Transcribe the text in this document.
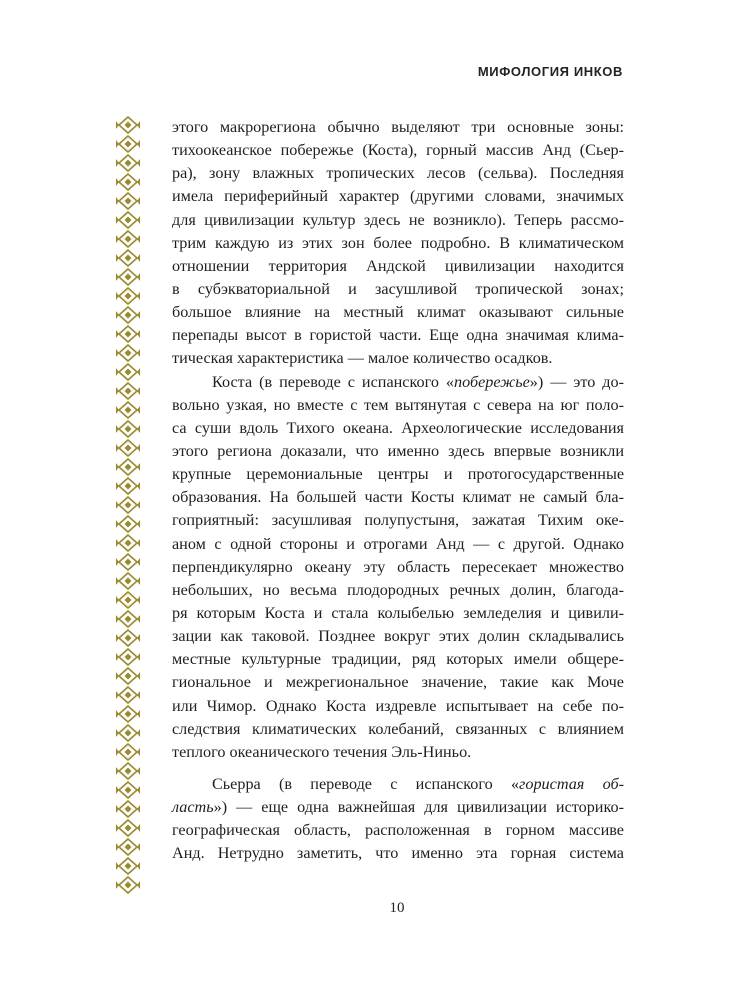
МИФОЛОГИЯ ИНКОВ
этого макрорегиона обычно выделяют три основные зоны:
тихоокеанское побережье (Коста), горный массив Анд (Сьер-
ра), зону влажных тропических лесов (сельва). Последняя
имела периферийный характер (другими словами, значимых
для цивилизации культур здесь не возникло). Теперь рассмо-
трим каждую из этих зон более подробно. В климатическом
отношении территория Андской цивилизации находится
в субэкваториальной и засушливой тропической зонах;
большое влияние на местный климат оказывают сильные
перепады высот в гористой части. Еще одна значимая клима-
тическая характеристика — малое количество осадков.
Коста (в переводе с испанского «побережье») — это до-
вольно узкая, но вместе с тем вытянутая с севера на юг поло-
са суши вдоль Тихого океана. Археологические исследования
этого региона доказали, что именно здесь впервые возникли
крупные церемониальные центры и протогосударственные
образования. На большей части Косты климат не самый бла-
гоприятный: засушливая полупустыня, зажатая Тихим оке-
аном с одной стороны и отрогами Анд — с другой. Однако
перпендикулярно океану эту область пересекает множество
небольших, но весьма плодородных речных долин, благода-
ря которым Коста и стала колыбелью земледелия и цивили-
зации как таковой. Позднее вокруг этих долин складывались
местные культурные традиции, ряд которых имели общере-
гиональное и межрегиональное значение, такие как Моче
или Чимор. Однако Коста издревле испытывает на себе по-
следствия климатических колебаний, связанных с влиянием
теплого океанического течения Эль-Ниньо.
Сьерра (в переводе с испанского «гористая об-
ласть») — еще одна важнейшая для цивилизации историко-
географическая область, расположенная в горном массиве
Анд. Нетрудно заметить, что именно эта горная система
10
